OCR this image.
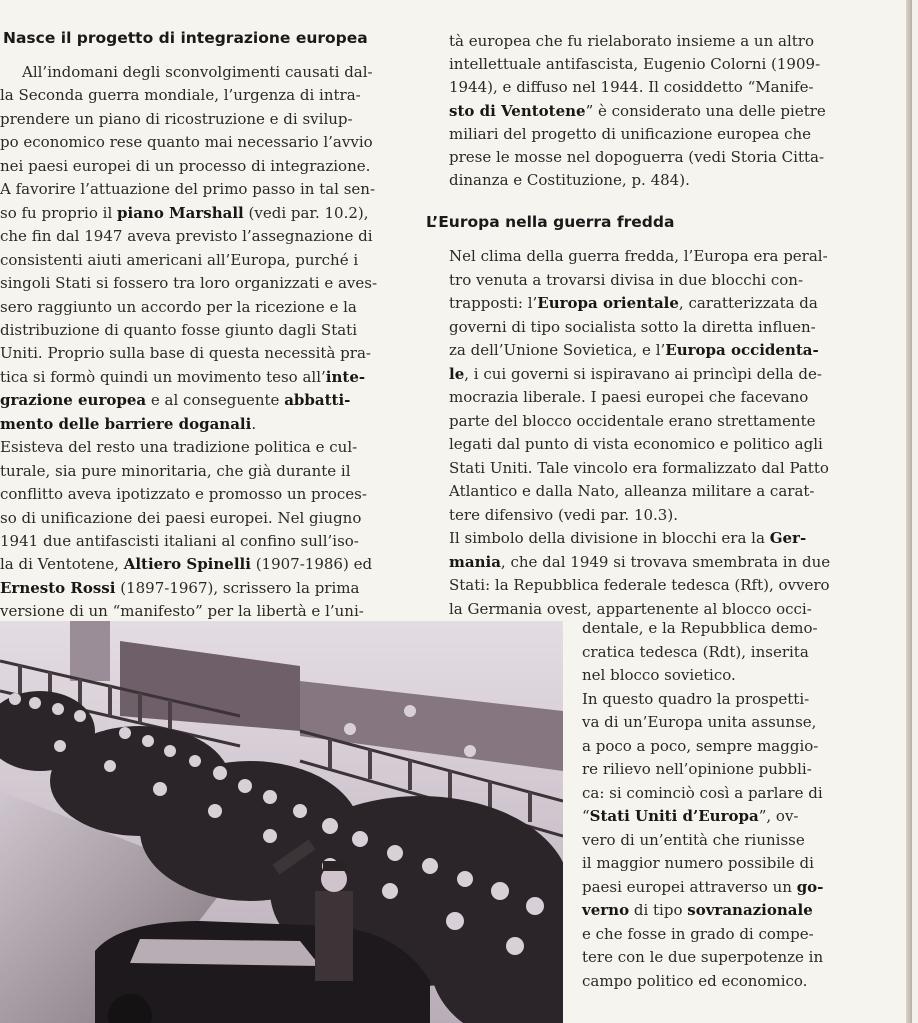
Nasce il progetto di integrazione europea
All’indomani degli sconvolgimenti causati dal-
la Seconda guerra mondiale, l’urgenza di intra-
prendere un piano di ricostruzione e di svilup-
po economico rese quanto mai necessario l’avvio
nei paesi europei di un processo di integrazione.
A favorire l’attuazione del primo passo in tal sen-
so fu proprio il piano Marshall (vedi par. 10.2),
che fin dal 1947 aveva previsto l’assegnazione di
consistenti aiuti americani all’Europa, purché i
singoli Stati si fossero tra loro organizzati e aves-
sero raggiunto un accordo per la ricezione e la
distribuzione di quanto fosse giunto dagli Stati
Uniti. Proprio sulla base di questa necessità pra-
tica si formò quindi un movimento teso all’inte-
grazione europea e al conseguente abbatti-
mento delle barriere doganali.
Esisteva del resto una tradizione politica e cul-
turale, sia pure minoritaria, che già durante il
conflitto aveva ipotizzato e promosso un proces-
so di unificazione dei paesi europei. Nel giugno
1941 due antifascisti italiani al confino sull’iso-
la di Ventotene, Altiero Spinelli (1907-1986) ed
Ernesto Rossi (1897-1967), scrissero la prima
versione di un “manifesto” per la libertà e l’uni-
tà europea che fu rielaborato insieme a un altro
intellettuale antifascista, Eugenio Colorni (1909-
1944), e diffuso nel 1944. Il cosiddetto “Manife-
sto di Ventotene” è considerato una delle pietre
miliari del progetto di unificazione europea che
prese le mosse nel dopoguerra (vedi Storia Citta-
dinanza e Costituzione, p. 484).
L’Europa nella guerra fredda
Nel clima della guerra fredda, l’Europa era peral-
tro venuta a trovarsi divisa in due blocchi con-
trapposti: l’Europa orientale, caratterizzata da
governi di tipo socialista sotto la diretta influen-
za dell’Unione Sovietica, e l’Europa occidenta-
le, i cui governi si ispiravano ai princìpi della de-
mocrazia liberale. I paesi europei che facevano
parte del blocco occidentale erano strettamente
legati dal punto di vista economico e politico agli
Stati Uniti. Tale vincolo era formalizzato dal Patto
Atlantico e dalla Nato, alleanza militare a carat-
tere difensivo (vedi par. 10.3).
Il simbolo della divisione in blocchi era la Ger-
mania, che dal 1949 si trovava smembrata in due
Stati: la Repubblica federale tedesca (Rft), ovvero
la Germania ovest, appartenente al blocco occi-
dentale, e la Repubblica demo-
cratica tedesca (Rdt), inserita
nel blocco sovietico.
In questo quadro la prospetti-
va di un’Europa unita assunse,
a poco a poco, sempre maggio-
re rilievo nell’opinione pubbli-
ca: si cominciò così a parlare di
“Stati Uniti d’Europa”, ov-
vero di un’entità che riunisse
il maggior numero possibile di
paesi europei attraverso un go-
verno di tipo sovranazionale
e che fosse in grado di compe-
tere con le due superpotenze in
campo politico ed economico.
